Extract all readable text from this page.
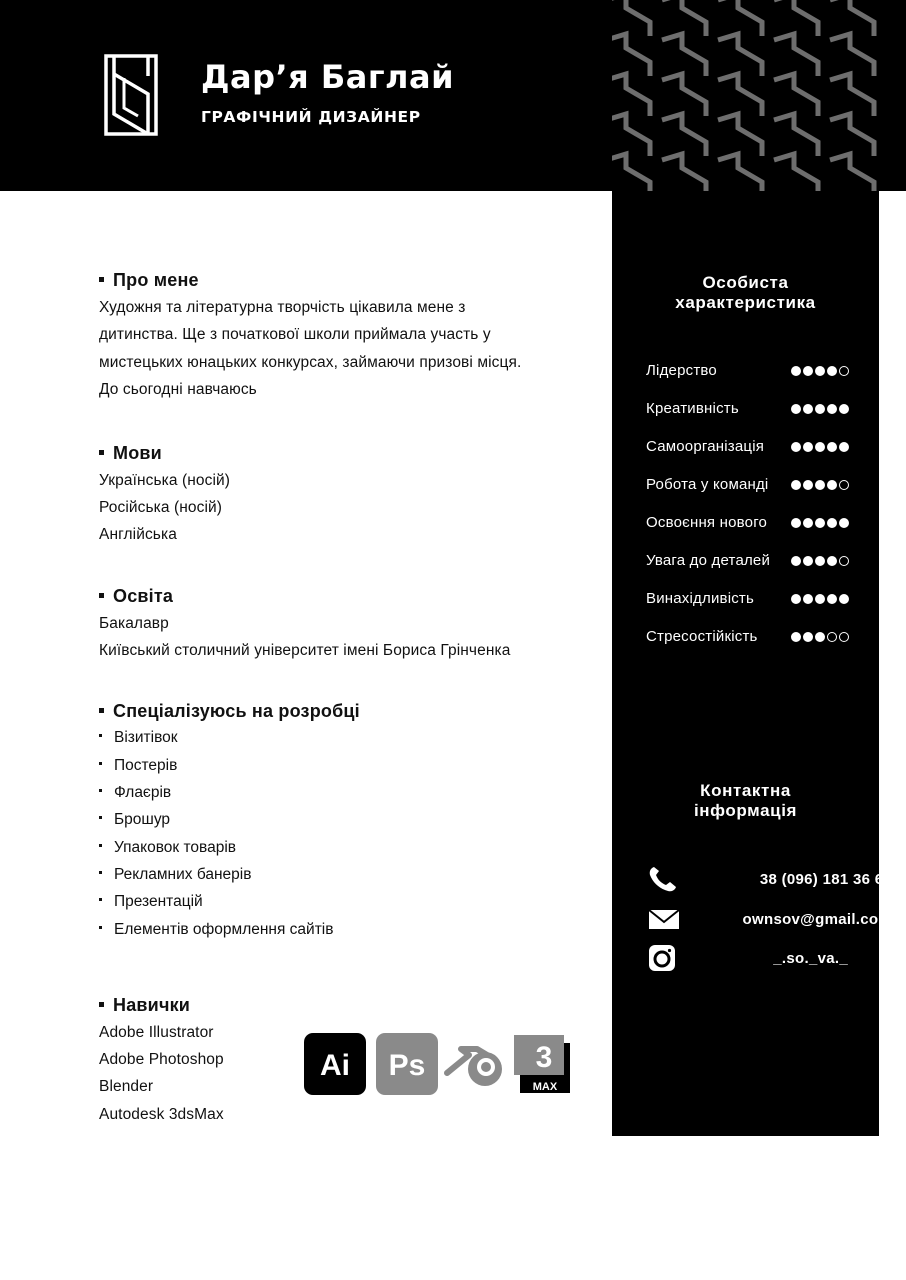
Дар’я Баглай
ГРАФІЧНИЙ ДИЗАЙНЕР
Особиста
характеристика
Лідерство
Креативність
Самоорганізація
Робота у команді
Освоєння нового
Увага до деталей
Винахідливість
Стресостійкість
Контактна
інформація
38 (096) 181 36 63
ownsov@gmail.com
_.so._va._
Про мене
Художня та літературна творчість цікавила мене з
дитинства. Ще з початкової школи приймала участь у
мистецьких юнацьких конкурсах, займаючи призові місця.
До сьогодні навчаюсь
Мови
Українська (носій)
Російська (носій)
Англійська
Освіта
Бакалавр
Київський столичний університет імені Бориса Грінченка
Спеціалізуюсь на розробці
Візитівок
Постерів
Флаєрів
Брошур
Упаковок товарів
Рекламних банерів
Презентацій
Елементів оформлення сайтів
Навички
Adobe Illustrator
Adobe Photoshop
Blender
Autodesk 3dsMax
Ai Ps	3
MAX
